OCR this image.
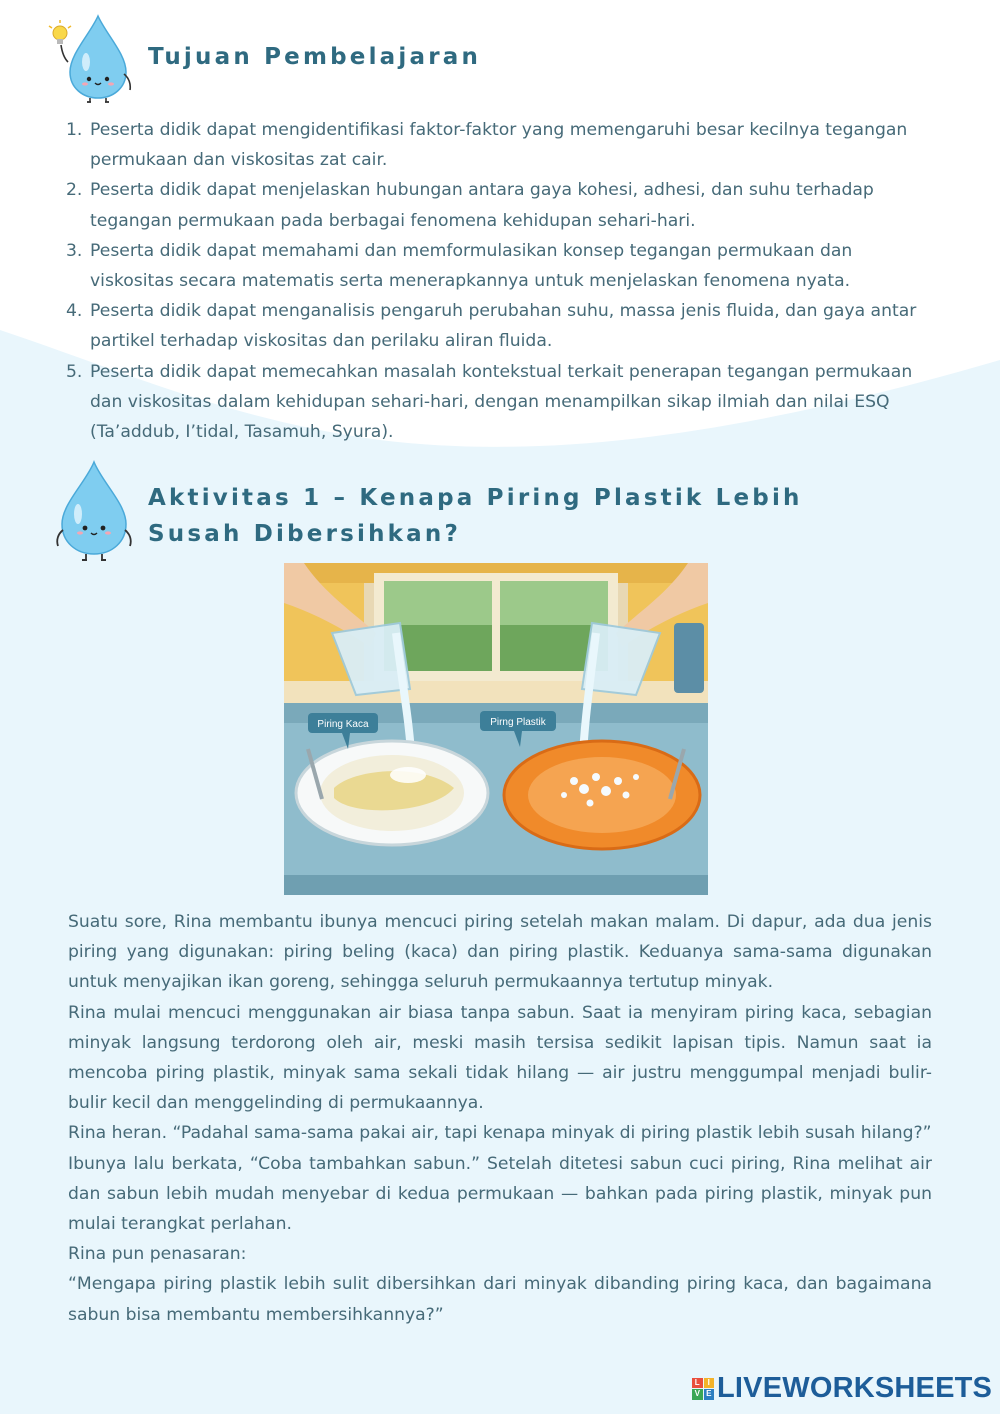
Tujuan Pembelajaran
1. Peserta didik dapat mengidentifikasi faktor-faktor yang memengaruhi besar kecilnya tegangan permukaan dan viskositas zat cair.
2. Peserta didik dapat menjelaskan hubungan antara gaya kohesi, adhesi, dan suhu terhadap tegangan permukaan pada berbagai fenomena kehidupan sehari-hari.
3. Peserta didik dapat memahami dan memformulasikan konsep tegangan permukaan dan viskositas secara matematis serta menerapkannya untuk menjelaskan fenomena nyata.
4. Peserta didik dapat menganalisis pengaruh perubahan suhu, massa jenis fluida, dan gaya antar partikel terhadap viskositas dan perilaku aliran fluida.
5. Peserta didik dapat memecahkan masalah kontekstual terkait penerapan tegangan permukaan dan viskositas dalam kehidupan sehari-hari, dengan menampilkan sikap ilmiah dan nilai ESQ (Ta’addub, I’tidal, Tasamuh, Syura).
Aktivitas 1 – Kenapa Piring Plastik Lebih Susah Dibersihkan?
Piring Kaca	Pirng Plastik

Suatu sore, Rina membantu ibunya mencuci piring setelah makan malam. Di dapur, ada dua jenis piring yang digunakan: piring beling (kaca) dan piring plastik. Keduanya sama-sama digunakan untuk menyajikan ikan goreng, sehingga seluruh permukaannya tertutup minyak.

Rina mulai mencuci menggunakan air biasa tanpa sabun. Saat ia menyiram piring kaca, sebagian minyak langsung terdorong oleh air, meski masih tersisa sedikit lapisan tipis. Namun saat ia mencoba piring plastik, minyak sama sekali tidak hilang — air justru menggumpal menjadi bulir-bulir kecil dan menggelinding di permukaannya.

Rina heran. “Padahal sama-sama pakai air, tapi kenapa minyak di piring plastik lebih susah hilang?”

Ibunya lalu berkata, “Coba tambahkan sabun.” Setelah ditetesi sabun cuci piring, Rina melihat air dan sabun lebih mudah menyebar di kedua permukaan — bahkan pada piring plastik, minyak pun mulai terangkat perlahan.

Rina pun penasaran:

“Mengapa piring plastik lebih sulit dibersihkan dari minyak dibanding piring kaca, dan bagaimana sabun bisa membantu membersihkannya?”

L I
V E LIVEWORKSHEETS
